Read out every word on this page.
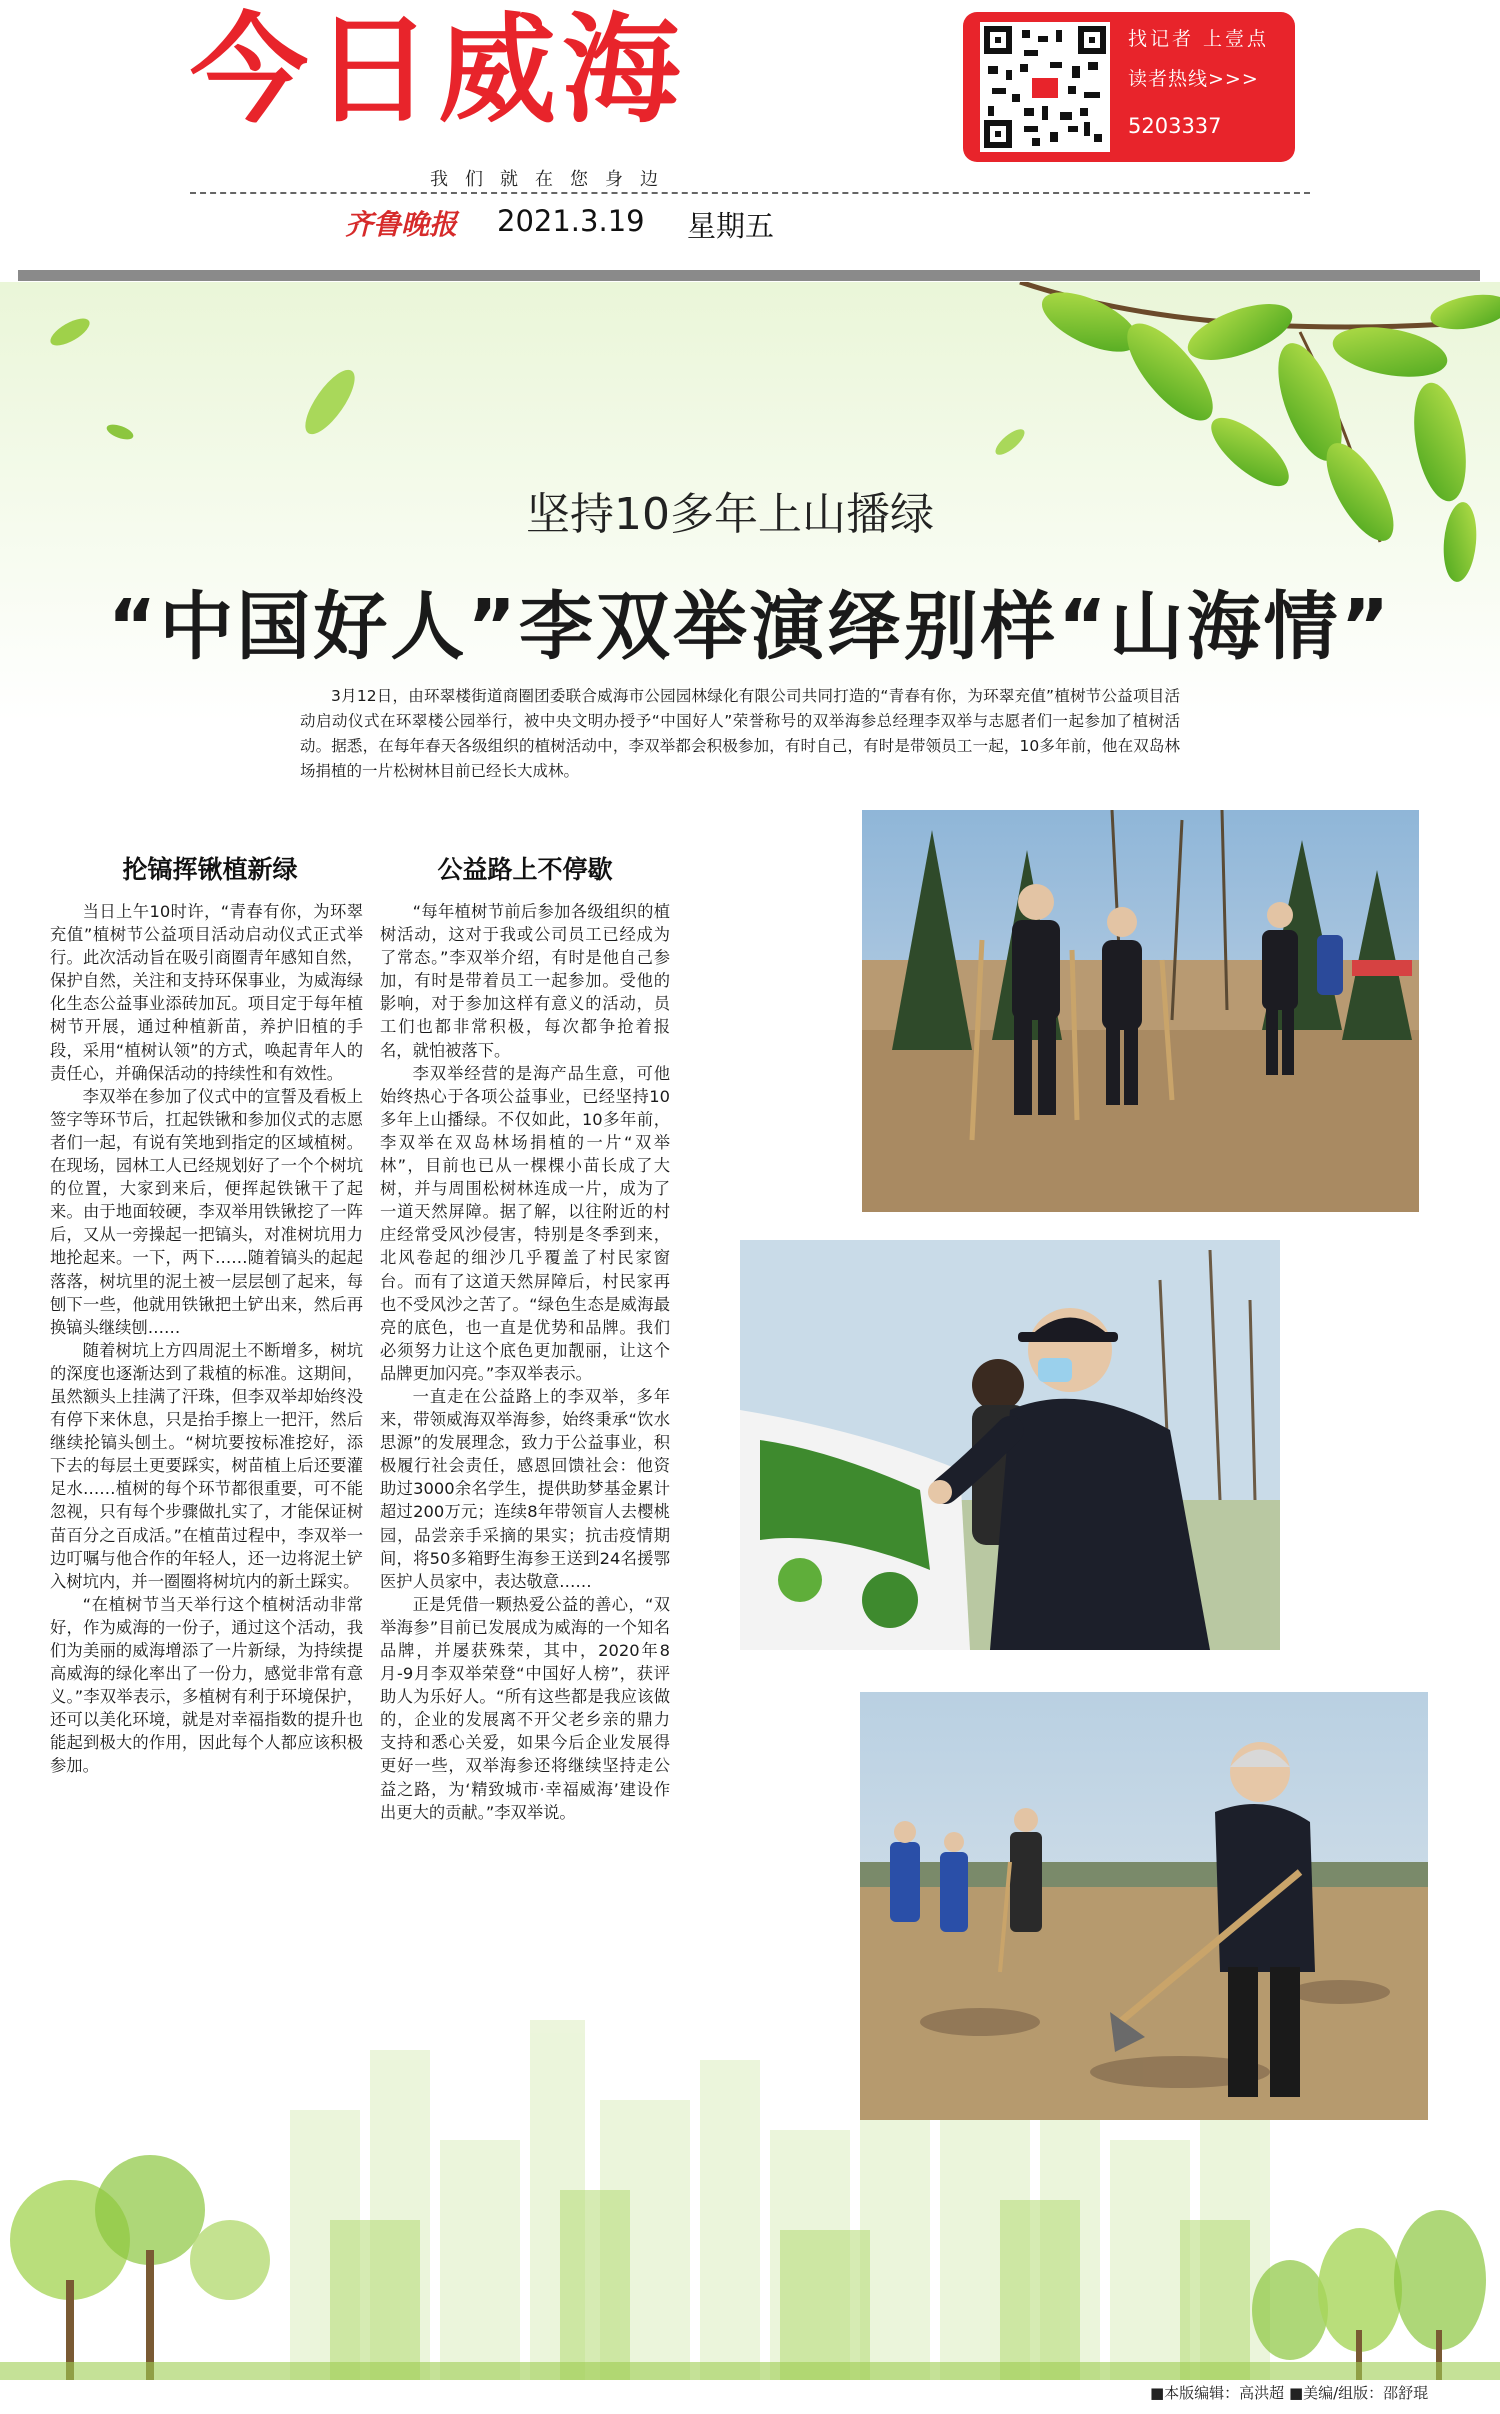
今日威海	找记者 上壹点
读者热线>>>
5203337
我们就在您身边
齐鲁晚报 2021.3.19 星期五
坚持10多年上山播绿
“中国好人”李双举演绎别样“山海情”
3月12日，由环翠楼街道商圈团委联合威海市公园园林绿化有限公司共同打造的“青春有你，为环翠充值”植树节公益项目活动启动仪式在环翠楼公园举行，被中央文明办授予“中国好人”荣誉称号的双举海参总经理李双举与志愿者们一起参加了植树活动。据悉，在每年春天各级组织的植树活动中，李双举都会积极参加，有时自己，有时是带领员工一起，10多年前，他在双岛林场捐植的一片松树林目前已经长大成林。
抡镐挥锹植新绿

当日上午10时许，“青春有你，为环翠充值”植树节公益项目活动启动仪式正式举行。此次活动旨在吸引商圈青年感知自然，保护自然，关注和支持环保事业，为威海绿化生态公益事业添砖加瓦。项目定于每年植树节开展，通过种植新苗，养护旧植的手段，采用“植树认领”的方式，唤起青年人的责任心，并确保活动的持续性和有效性。

李双举在参加了仪式中的宣誓及看板上签字等环节后，扛起铁锹和参加仪式的志愿者们一起，有说有笑地到指定的区域植树。在现场，园林工人已经规划好了一个个树坑的位置，大家到来后，便挥起铁锹干了起来。由于地面较硬，李双举用铁锹挖了一阵后，又从一旁操起一把镐头，对准树坑用力地抡起来。一下，两下……随着镐头的起起落落，树坑里的泥土被一层层刨了起来，每刨下一些，他就用铁锹把土铲出来，然后再换镐头继续刨……

随着树坑上方四周泥土不断增多，树坑的深度也逐渐达到了栽植的标准。这期间，虽然额头上挂满了汗珠，但李双举却始终没有停下来休息，只是抬手擦上一把汗，然后继续抡镐头刨土。“树坑要按标准挖好，添下去的每层土更要踩实，树苗植上后还要灌足水……植树的每个环节都很重要，可不能忽视，只有每个步骤做扎实了，才能保证树苗百分之百成活。”在植苗过程中，李双举一边叮嘱与他合作的年轻人，还一边将泥土铲入树坑内，并一圈圈将树坑内的新土踩实。

“在植树节当天举行这个植树活动非常好，作为威海的一份子，通过这个活动，我们为美丽的威海增添了一片新绿，为持续提高威海的绿化率出了一份力，感觉非常有意义。”李双举表示，多植树有利于环境保护，还可以美化环境，就是对幸福指数的提升也能起到极大的作用，因此每个人都应该积极参加。

公益路上不停歇

“每年植树节前后参加各级组织的植树活动，这对于我或公司员工已经成为了常态。”李双举介绍，有时是他自己参加，有时是带着员工一起参加。受他的影响，对于参加这样有意义的活动，员工们也都非常积极，每次都争抢着报名，就怕被落下。

李双举经营的是海产品生意，可他始终热心于各项公益事业，已经坚持10多年上山播绿。不仅如此，10多年前，李双举在双岛林场捐植的一片“双举林”，目前也已从一棵棵小苗长成了大树，并与周围松树林连成一片，成为了一道天然屏障。据了解，以往附近的村庄经常受风沙侵害，特别是冬季到来，北风卷起的细沙几乎覆盖了村民家窗台。而有了这道天然屏障后，村民家再也不受风沙之苦了。“绿色生态是威海最亮的底色，也一直是优势和品牌。我们必须努力让这个底色更加靓丽，让这个品牌更加闪亮。”李双举表示。

一直走在公益路上的李双举，多年来，带领威海双举海参，始终秉承“饮水思源”的发展理念，致力于公益事业，积极履行社会责任，感恩回馈社会：他资助过3000余名学生，提供助梦基金累计超过200万元；连续8年带领盲人去樱桃园，品尝亲手采摘的果实；抗击疫情期间，将50多箱野生海参王送到24名援鄂医护人员家中，表达敬意……

正是凭借一颗热爱公益的善心，“双举海参”目前已发展成为威海的一个知名品牌，并屡获殊荣，其中，2020年8月-9月李双举荣登“中国好人榜”，获评助人为乐好人。“所有这些都是我应该做的，企业的发展离不开父老乡亲的鼎力支持和悉心关爱，如果今后企业发展得更好一些，双举海参还将继续坚持走公益之路，为‘精致城市·幸福威海’建设作出更大的贡献。”李双举说。

■本版编辑：高洪超 ■美编/组版：邵舒琨
